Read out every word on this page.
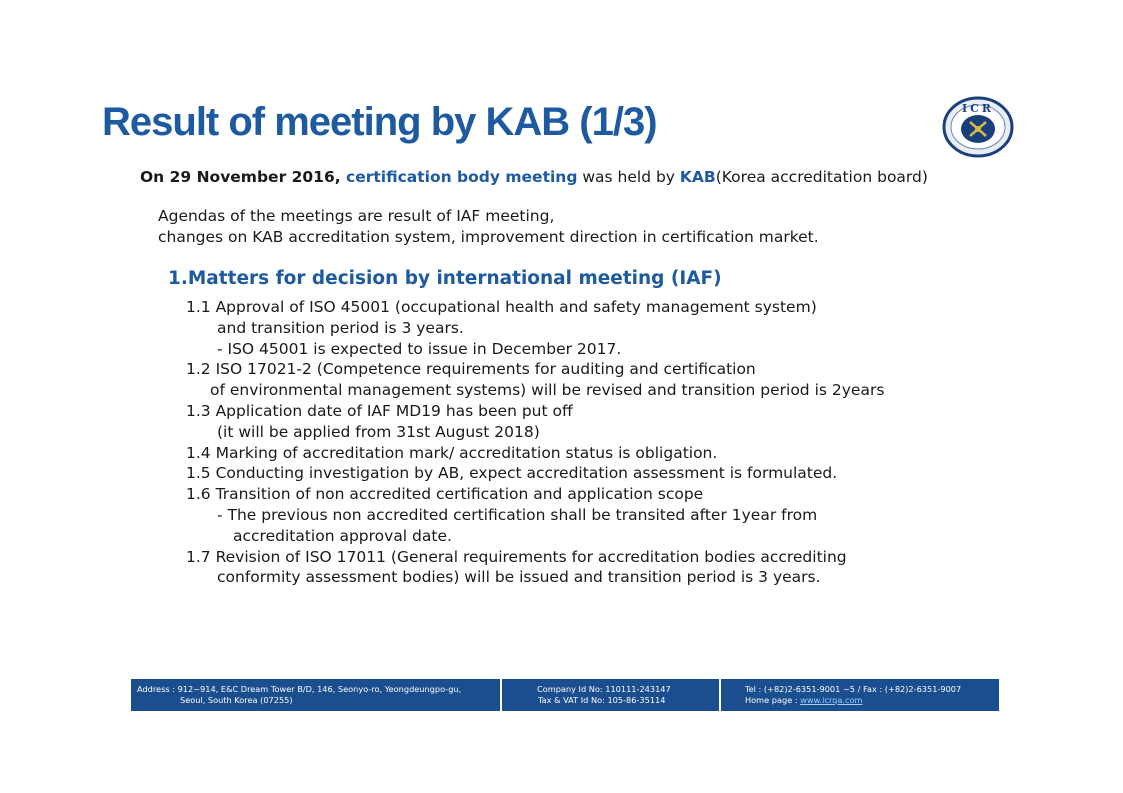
Result of meeting by KAB (1/3)	ICR
On 29 November 2016, certification body meeting was held by KAB(Korea accreditation board)
Agendas of the meetings are result of IAF meeting,
changes on KAB accreditation system, improvement direction in certification market.
1.Matters for decision by international meeting (IAF)
1.1 Approval of ISO 45001 (occupational health and safety management system)
and transition period is 3 years.
- ISO 45001 is expected to issue in December 2017.
1.2 ISO 17021-2 (Competence requirements for auditing and certification
of environmental management systems) will be revised and transition period is 2years
1.3 Application date of IAF MD19 has been put off
(it will be applied from 31st August 2018)
1.4 Marking of accreditation mark/ accreditation status is obligation.
1.5 Conducting investigation by AB, expect accreditation assessment is formulated.
1.6 Transition of non accredited certification and application scope
- The previous non accredited certification shall be transited after 1year from
accreditation approval date.
1.7 Revision of ISO 17011 (General requirements for accreditation bodies accrediting
conformity assessment bodies) will be issued and transition period is 3 years.
Address : 912~914, E&C Dream Tower B/D, 146, Seonyo-ro, Yeongdeungpo-gu,
Seoul, South Korea (07255)
Company Id No: 110111-243147
Tax & VAT Id No: 105-86-35114
Tel : (+82)2-6351-9001 ~5 / Fax : (+82)2-6351-9007
Home page : www.icrqa.com
